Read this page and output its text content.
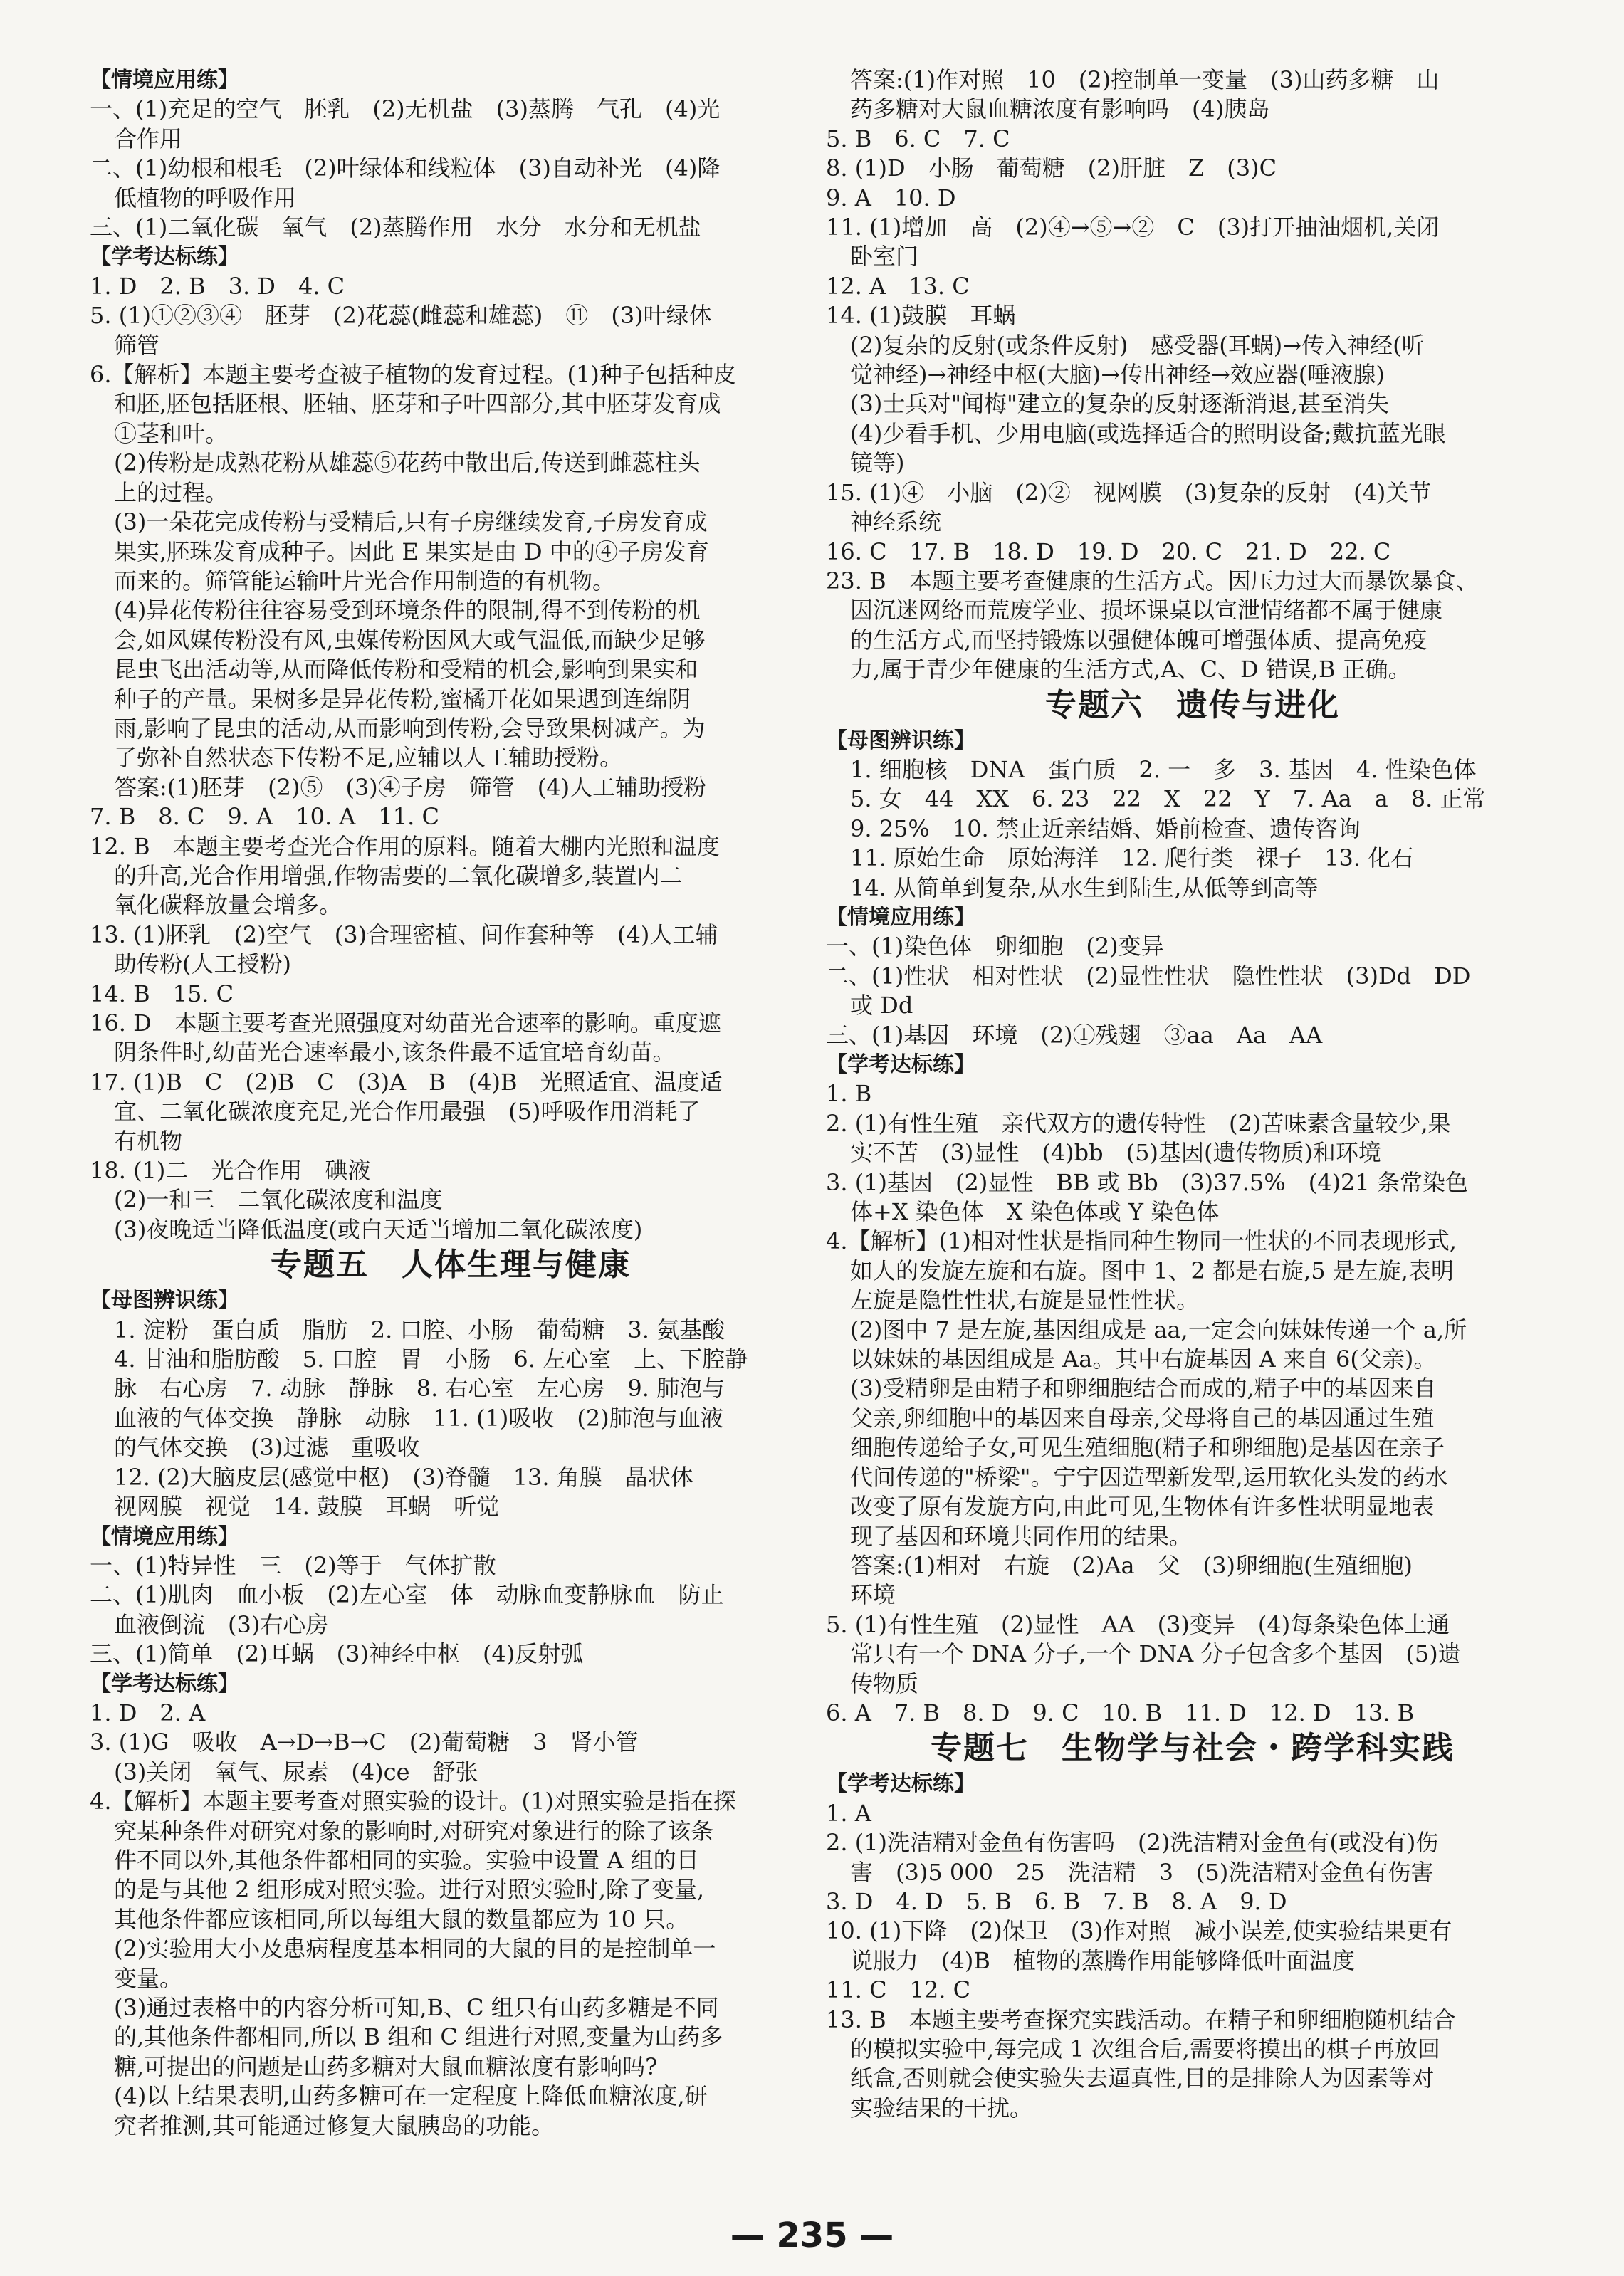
【情境应用练】
一、(1)充足的空气　胚乳　(2)无机盐　(3)蒸腾　气孔　(4)光
合作用
二、(1)幼根和根毛　(2)叶绿体和线粒体　(3)自动补光　(4)降
低植物的呼吸作用
三、(1)二氧化碳　氧气　(2)蒸腾作用　水分　水分和无机盐
【学考达标练】
1. D　2. B　3. D　4. C
5. (1)①②③④　胚芽　(2)花蕊(雌蕊和雄蕊)　⑪　(3)叶绿体
筛管
6.【解析】本题主要考查被子植物的发育过程。(1)种子包括种皮
和胚,胚包括胚根、胚轴、胚芽和子叶四部分,其中胚芽发育成
①茎和叶。
(2)传粉是成熟花粉从雄蕊⑤花药中散出后,传送到雌蕊柱头
上的过程。
(3)一朵花完成传粉与受精后,只有子房继续发育,子房发育成
果实,胚珠发育成种子。因此 E 果实是由 D 中的④子房发育
而来的。筛管能运输叶片光合作用制造的有机物。
(4)异花传粉往往容易受到环境条件的限制,得不到传粉的机
会,如风媒传粉没有风,虫媒传粉因风大或气温低,而缺少足够
昆虫飞出活动等,从而降低传粉和受精的机会,影响到果实和
种子的产量。果树多是异花传粉,蜜橘开花如果遇到连绵阴
雨,影响了昆虫的活动,从而影响到传粉,会导致果树减产。为
了弥补自然状态下传粉不足,应辅以人工辅助授粉。
答案:(1)胚芽　(2)⑤　(3)④子房　筛管　(4)人工辅助授粉
7. B　8. C　9. A　10. A　11. C
12. B　本题主要考查光合作用的原料。随着大棚内光照和温度
的升高,光合作用增强,作物需要的二氧化碳增多,装置内二
氧化碳释放量会增多。
13. (1)胚乳　(2)空气　(3)合理密植、间作套种等　(4)人工辅
助传粉(人工授粉)
14. B　15. C
16. D　本题主要考查光照强度对幼苗光合速率的影响。重度遮
阴条件时,幼苗光合速率最小,该条件最不适宜培育幼苗。
17. (1)B　C　(2)B　C　(3)A　B　(4)B　光照适宜、温度适
宜、二氧化碳浓度充足,光合作用最强　(5)呼吸作用消耗了
有机物
18. (1)二　光合作用　碘液
(2)一和三　二氧化碳浓度和温度
(3)夜晚适当降低温度(或白天适当增加二氧化碳浓度)
专题五　人体生理与健康
【母图辨识练】
1. 淀粉　蛋白质　脂肪　2. 口腔、小肠　葡萄糖　3. 氨基酸
4. 甘油和脂肪酸　5. 口腔　胃　小肠　6. 左心室　上、下腔静
脉　右心房　7. 动脉　静脉　8. 右心室　左心房　9. 肺泡与
血液的气体交换　静脉　动脉　11. (1)吸收　(2)肺泡与血液
的气体交换　(3)过滤　重吸收
12. (2)大脑皮层(感觉中枢)　(3)脊髓　13. 角膜　晶状体
视网膜　视觉　14. 鼓膜　耳蜗　听觉
【情境应用练】
一、(1)特异性　三　(2)等于　气体扩散
二、(1)肌肉　血小板　(2)左心室　体　动脉血变静脉血　防止
血液倒流　(3)右心房
三、(1)简单　(2)耳蜗　(3)神经中枢　(4)反射弧
【学考达标练】
1. D　2. A
3. (1)G　吸收　A→D→B→C　(2)葡萄糖　3　肾小管
(3)关闭　氧气、尿素　(4)ce　舒张
4.【解析】本题主要考查对照实验的设计。(1)对照实验是指在探
究某种条件对研究对象的影响时,对研究对象进行的除了该条
件不同以外,其他条件都相同的实验。实验中设置 A 组的目
的是与其他 2 组形成对照实验。进行对照实验时,除了变量,
其他条件都应该相同,所以每组大鼠的数量都应为 10 只。
(2)实验用大小及患病程度基本相同的大鼠的目的是控制单一
变量。
(3)通过表格中的内容分析可知,B、C 组只有山药多糖是不同
的,其他条件都相同,所以 B 组和 C 组进行对照,变量为山药多
糖,可提出的问题是山药多糖对大鼠血糖浓度有影响吗?
(4)以上结果表明,山药多糖可在一定程度上降低血糖浓度,研
究者推测,其可能通过修复大鼠胰岛的功能。
答案:(1)作对照　10　(2)控制单一变量　(3)山药多糖　山
药多糖对大鼠血糖浓度有影响吗　(4)胰岛
5. B　6. C　7. C
8. (1)D　小肠　葡萄糖　(2)肝脏　Z　(3)C
9. A　10. D
11. (1)增加　高　(2)④→⑤→②　C　(3)打开抽油烟机,关闭
卧室门
12. A　13. C
14. (1)鼓膜　耳蜗
(2)复杂的反射(或条件反射)　感受器(耳蜗)→传入神经(听
觉神经)→神经中枢(大脑)→传出神经→效应器(唾液腺)
(3)士兵对"闻梅"建立的复杂的反射逐渐消退,甚至消失
(4)少看手机、少用电脑(或选择适合的照明设备;戴抗蓝光眼
镜等)
15. (1)④　小脑　(2)②　视网膜　(3)复杂的反射　(4)关节
神经系统
16. C　17. B　18. D　19. D　20. C　21. D　22. C
23. B　本题主要考查健康的生活方式。因压力过大而暴饮暴食、
因沉迷网络而荒废学业、损坏课桌以宣泄情绪都不属于健康
的生活方式,而坚持锻炼以强健体魄可增强体质、提高免疫
力,属于青少年健康的生活方式,A、C、D 错误,B 正确。
专题六　遗传与进化
【母图辨识练】
1. 细胞核　DNA　蛋白质　2. 一　多　3. 基因　4. 性染色体
5. 女　44　XX　6. 23　22　X　22　Y　7. Aa　a　8. 正常
9. 25%　10. 禁止近亲结婚、婚前检查、遗传咨询
11. 原始生命　原始海洋　12. 爬行类　裸子　13. 化石
14. 从简单到复杂,从水生到陆生,从低等到高等
【情境应用练】
一、(1)染色体　卵细胞　(2)变异
二、(1)性状　相对性状　(2)显性性状　隐性性状　(3)Dd　DD
或 Dd
三、(1)基因　环境　(2)①残翅　③aa　Aa　AA
【学考达标练】
1. B
2. (1)有性生殖　亲代双方的遗传特性　(2)苦味素含量较少,果
实不苦　(3)显性　(4)bb　(5)基因(遗传物质)和环境
3. (1)基因　(2)显性　BB 或 Bb　(3)37.5%　(4)21 条常染色
体+X 染色体　X 染色体或 Y 染色体
4.【解析】(1)相对性状是指同种生物同一性状的不同表现形式,
如人的发旋左旋和右旋。图中 1、2 都是右旋,5 是左旋,表明
左旋是隐性性状,右旋是显性性状。
(2)图中 7 是左旋,基因组成是 aa,一定会向妹妹传递一个 a,所
以妹妹的基因组成是 Aa。其中右旋基因 A 来自 6(父亲)。
(3)受精卵是由精子和卵细胞结合而成的,精子中的基因来自
父亲,卵细胞中的基因来自母亲,父母将自己的基因通过生殖
细胞传递给子女,可见生殖细胞(精子和卵细胞)是基因在亲子
代间传递的"桥梁"。宁宁因造型新发型,运用软化头发的药水
改变了原有发旋方向,由此可见,生物体有许多性状明显地表
现了基因和环境共同作用的结果。
答案:(1)相对　右旋　(2)Aa　父　(3)卵细胞(生殖细胞)
环境
5. (1)有性生殖　(2)显性　AA　(3)变异　(4)每条染色体上通
常只有一个 DNA 分子,一个 DNA 分子包含多个基因　(5)遗
传物质
6. A　7. B　8. D　9. C　10. B　11. D　12. D　13. B
专题七　生物学与社会・跨学科实践
【学考达标练】
1. A
2. (1)洗洁精对金鱼有伤害吗　(2)洗洁精对金鱼有(或没有)伤
害　(3)5 000　25　洗洁精　3　(5)洗洁精对金鱼有伤害
3. D　4. D　5. B　6. B　7. B　8. A　9. D
10. (1)下降　(2)保卫　(3)作对照　减小误差,使实验结果更有
说服力　(4)B　植物的蒸腾作用能够降低叶面温度
11. C　12. C
13. B　本题主要考查探究实践活动。在精子和卵细胞随机结合
的模拟实验中,每完成 1 次组合后,需要将摸出的棋子再放回
纸盒,否则就会使实验失去逼真性,目的是排除人为因素等对
实验结果的干扰。
— 235 —
